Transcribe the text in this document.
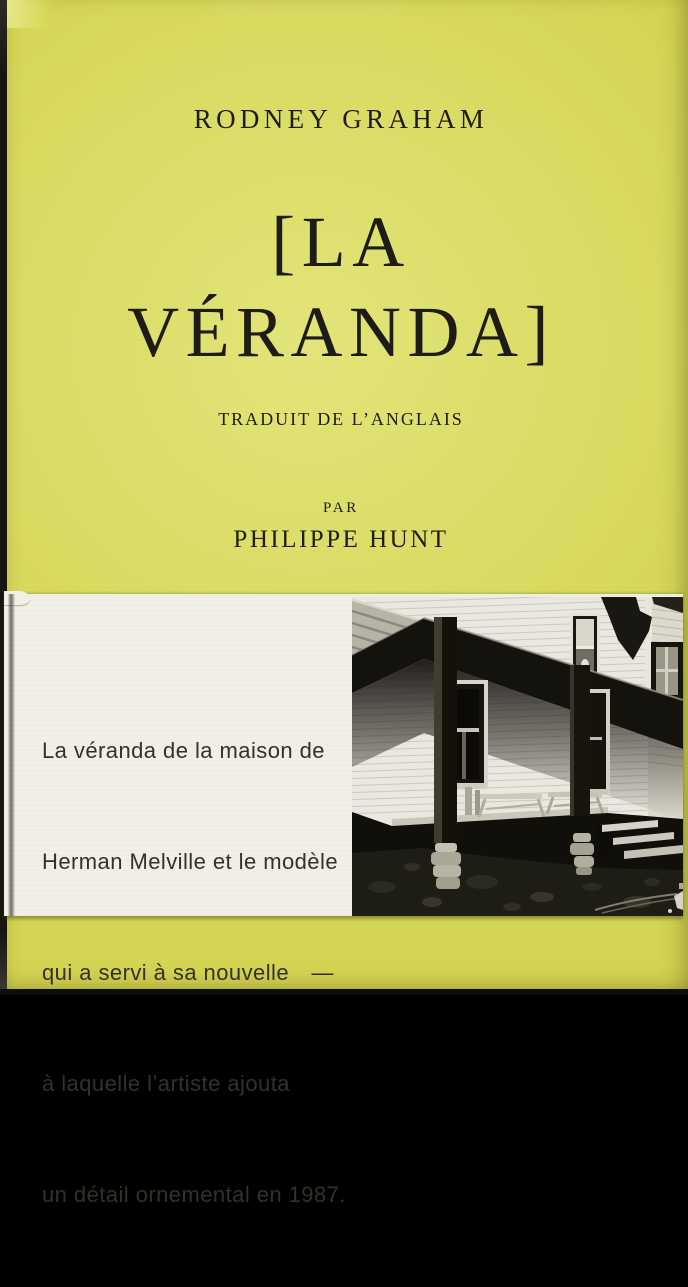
RODNEY GRAHAM
[LA
VÉRANDA]
TRADUIT DE L’ANGLAIS
PAR
PHILIPPE HUNT

La véranda de la maison de

Herman Melville et le modèle

qui a servi à sa nouvelle —

à laquelle l’artiste ajouta

un détail ornemental en 1987.
